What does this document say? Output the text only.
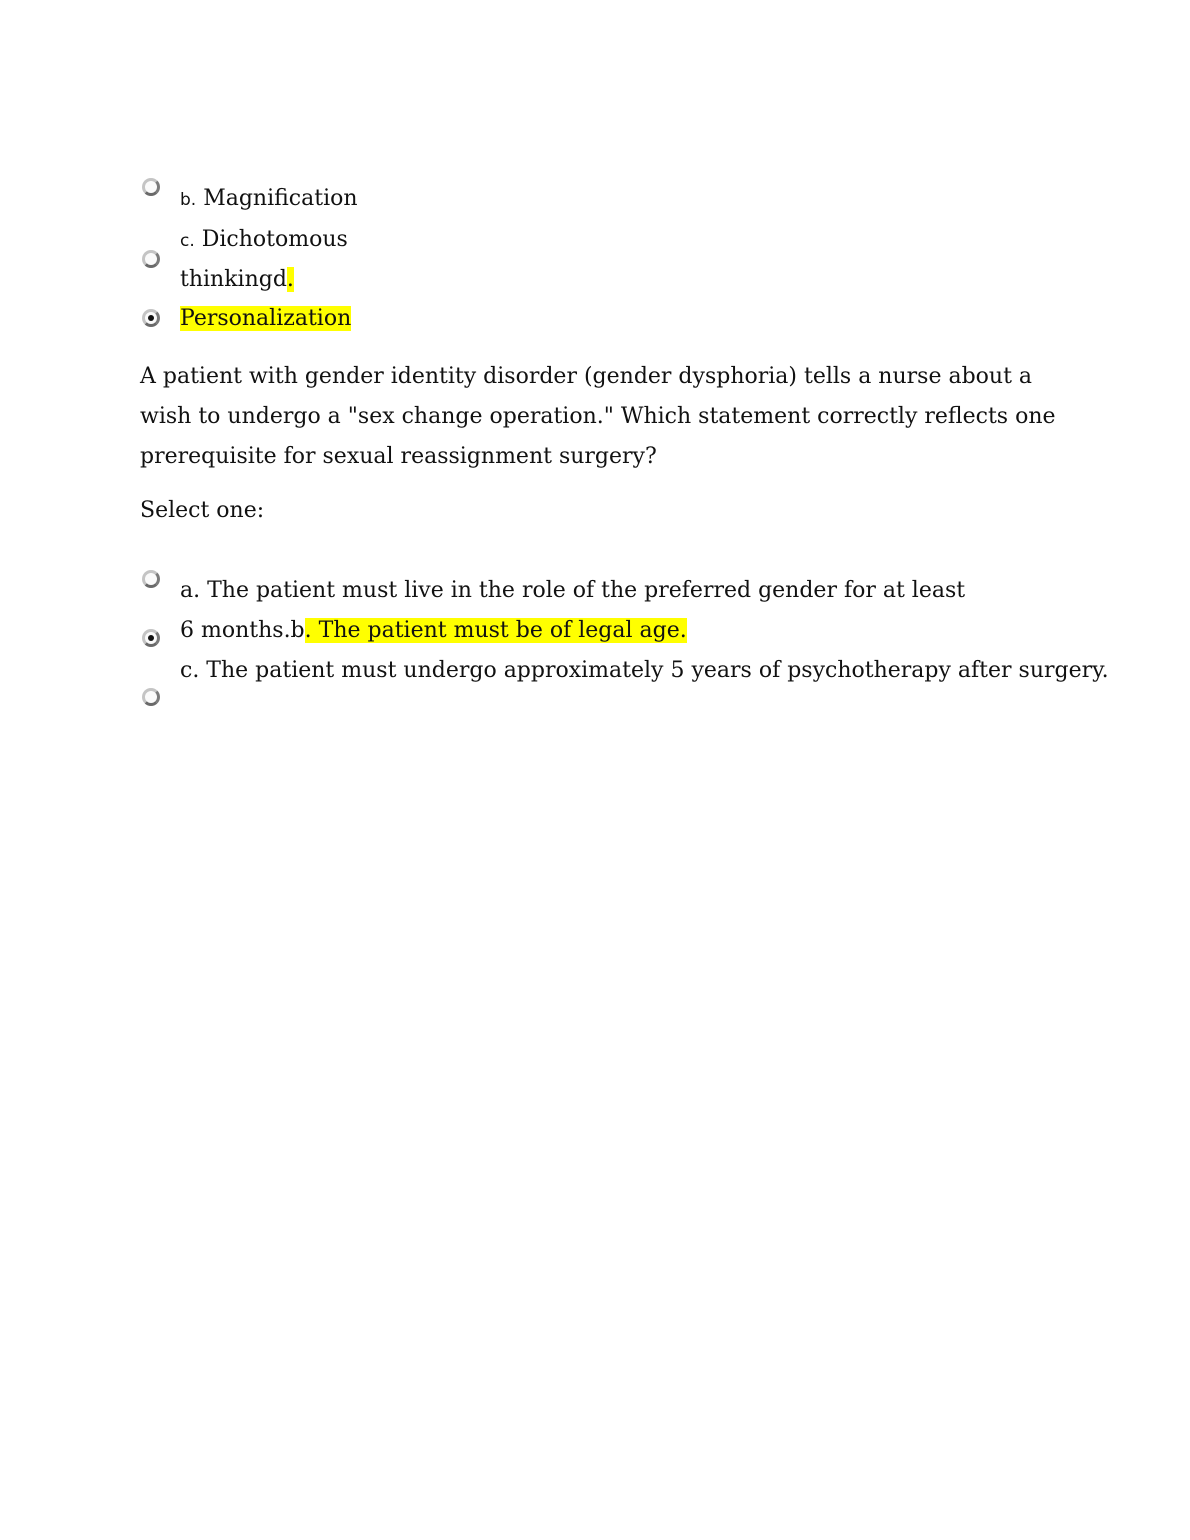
b. Magnification
c. Dichotomous
thinkingd.
Personalization
A patient with gender identity disorder (gender dysphoria) tells a nurse about a wish to undergo a "sex change operation." Which statement correctly reflects one prerequisite for sexual reassignment surgery?
Select one:
a. The patient must live in the role of the preferred gender for at least
6 months.b. The patient must be of legal age.
c. The patient must undergo approximately 5 years of psychotherapy after surgery.
